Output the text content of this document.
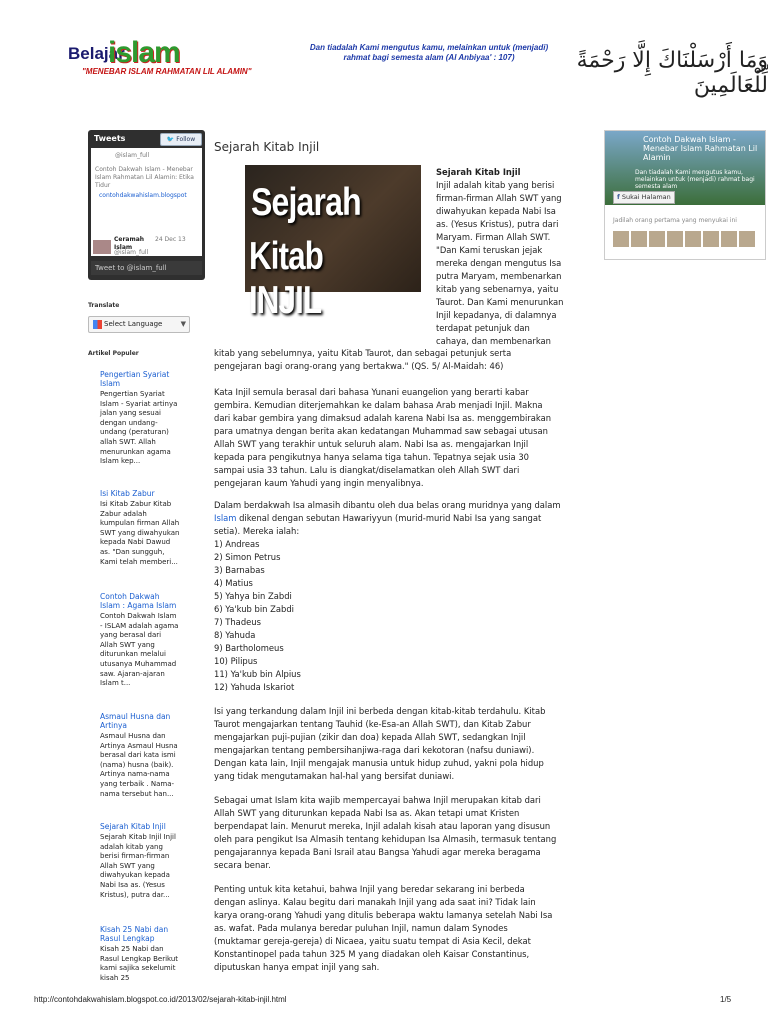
Belajar
islam
"MENEBAR ISLAM RAHMATAN LIL ALAMIN"
Dan tiadalah Kami mengutus kamu, melainkan untuk (menjadi)
rahmat bagi semesta alam (Al Anbiyaa' : 107)	وَمَا أَرْسَلْنَاكَ إِلَّا رَحْمَةً لِّلْعَالَمِينَ
Tweets	🐦 Follow
@islam_full
Contoh Dakwah Islam - Menebar Islam Rahmatan Lil Alamin: Etika Tidur
contohdakwahislam.blogspot
Ceramah Islam
24 Dec 13
@islam_full
Tweet to @islam_full
Translate
Select Language	▼
Artikel Populer
Pengertian Syariat Islam
Pengertian Syariat Islam - Syariat artinya jalan yang sesuai dengan undang-undang (peraturan) allah SWT. Allah menurunkan agama Islam kep...
Isi Kitab Zabur
Isi Kitab Zabur Kitab Zabur adalah kumpulan firman Allah SWT yang diwahyukan kepada Nabi Dawud as. "Dan sungguh, Kami telah memberi...
Contoh Dakwah Islam : Agama Islam
Contoh Dakwah Islam - ISLAM adalah agama yang berasal dari Allah SWT yang diturunkan melalui utusanya Muhammad saw. Ajaran-ajaran Islam t...
Asmaul Husna dan Artinya
Asmaul Husna dan Artinya Asmaul Husna berasal dari kata ismi (nama) husna (baik). Artinya nama-nama yang terbaik . Nama-nama tersebut han...
Sejarah Kitab Injil
Sejarah Kitab Injil Injil adalah kitab yang berisi firman-firman Allah SWT yang diwahyukan kepada Nabi Isa as. (Yesus Kristus), putra dar...
Kisah 25 Nabi dan Rasul Lengkap
Kisah 25 Nabi dan Rasul Lengkap Berikut kami sajika sekelumit kisah 25
Contoh Dakwah Islam - Menebar Islam Rahmatan Lil Alamin
Dan tiadalah Kami mengutus kamu, melainkan untuk (menjadi) rahmat bagi semesta alam
f Sukai Halaman
Jadilah orang pertama yang menyukai ini
Sejarah Kitab Injil
Sejarah
Kitab INJIL
Sejarah Kitab Injil
Injil adalah kitab yang berisi
firman-firman Allah SWT yang
diwahyukan kepada Nabi Isa
as. (Yesus Kristus), putra dari
Maryam. Firman Allah SWT.
"Dan Kami teruskan jejak
mereka dengan mengutus Isa
putra Maryam, membenarkan
kitab yang sebenarnya, yaitu
Taurot. Dan Kami menurunkan
Injil kepadanya, di dalamnya
terdapat petunjuk dan
cahaya, dan membenarkan
kitab yang sebelumnya, yaitu Kitab Taurot, dan sebagai petunjuk serta
pengejaran bagi orang-orang yang bertakwa." (QS. 5/ Al-Maidah: 46)
Kata Injil semula berasal dari bahasa Yunani euangelion yang berarti kabar
gembira. Kemudian diterjemahkan ke dalam bahasa Arab menjadi Injil. Makna
dari kabar gembira yang dimaksud adalah karena Nabi Isa as. menggembirakan
para umatnya dengan berita akan kedatangan Muhammad saw sebagai utusan
Allah SWT yang terakhir untuk seluruh alam. Nabi Isa as. mengajarkan Injil
kepada para pengikutnya hanya selama tiga tahun. Tepatnya sejak usia 30
sampai usia 33 tahun. Lalu is diangkat/diselamatkan oleh Allah SWT dari
pengejaran kaum Yahudi yang ingin menyalibnya.
Dalam berdakwah Isa almasih dibantu oleh dua belas orang muridnya yang dalam
Islam dikenal dengan sebutan Hawariyyun (murid-murid Nabi Isa yang sangat
setia). Mereka ialah:
1) Andreas
2) Simon Petrus
3) Barnabas
4) Matius
5) Yahya bin Zabdi
6) Ya'kub bin Zabdi
7) Thadeus
8) Yahuda
9) Bartholomeus
10) Pilipus
11) Ya'kub bin Alpius
12) Yahuda Iskariot
Isi yang terkandung dalam Injil ini berbeda dengan kitab-kitab terdahulu. Kitab
Taurot mengajarkan tentang Tauhid (ke-Esa-an Allah SWT), dan Kitab Zabur
mengajarkan puji-pujian (zikir dan doa) kepada Allah SWT, sedangkan Injil
mengajarkan tentang pembersihanjiwa-raga dari kekotoran (nafsu duniawi).
Dengan kata lain, Injil mengajak manusia untuk hidup zuhud, yakni pola hidup
yang tidak mengutamakan hal-hal yang bersifat duniawi.
Sebagai umat Islam kita wajib mempercayai bahwa Injil merupakan kitab dari
Allah SWT yang diturunkan kepada Nabi Isa as. Akan tetapi umat Kristen
berpendapat lain. Menurut mereka, Injil adalah kisah atau laporan yang disusun
oleh para pengikut Isa Almasih tentang kehidupan Isa Almasih, termasuk tentang
pengajarannya kepada Bani Israil atau Bangsa Yahudi agar mereka beragama
secara benar.
Penting untuk kita ketahui, bahwa Injil yang beredar sekarang ini berbeda
dengan aslinya. Kalau begitu dari manakah Injil yang ada saat ini? Tidak lain
karya orang-orang Yahudi yang ditulis beberapa waktu lamanya setelah Nabi Isa
as. wafat. Pada mulanya beredar puluhan Injil, namun dalam Synodes
(muktamar gereja-gereja) di Nicaea, yaitu suatu tempat di Asia Kecil, dekat
Konstantinopel pada tahun 325 M yang diadakan oleh Kaisar Constantinus,
diputuskan hanya empat injil yang sah.
http://contohdakwahislam.blogspot.co.id/2013/02/sejarah-kitab-injil.html	1/5
